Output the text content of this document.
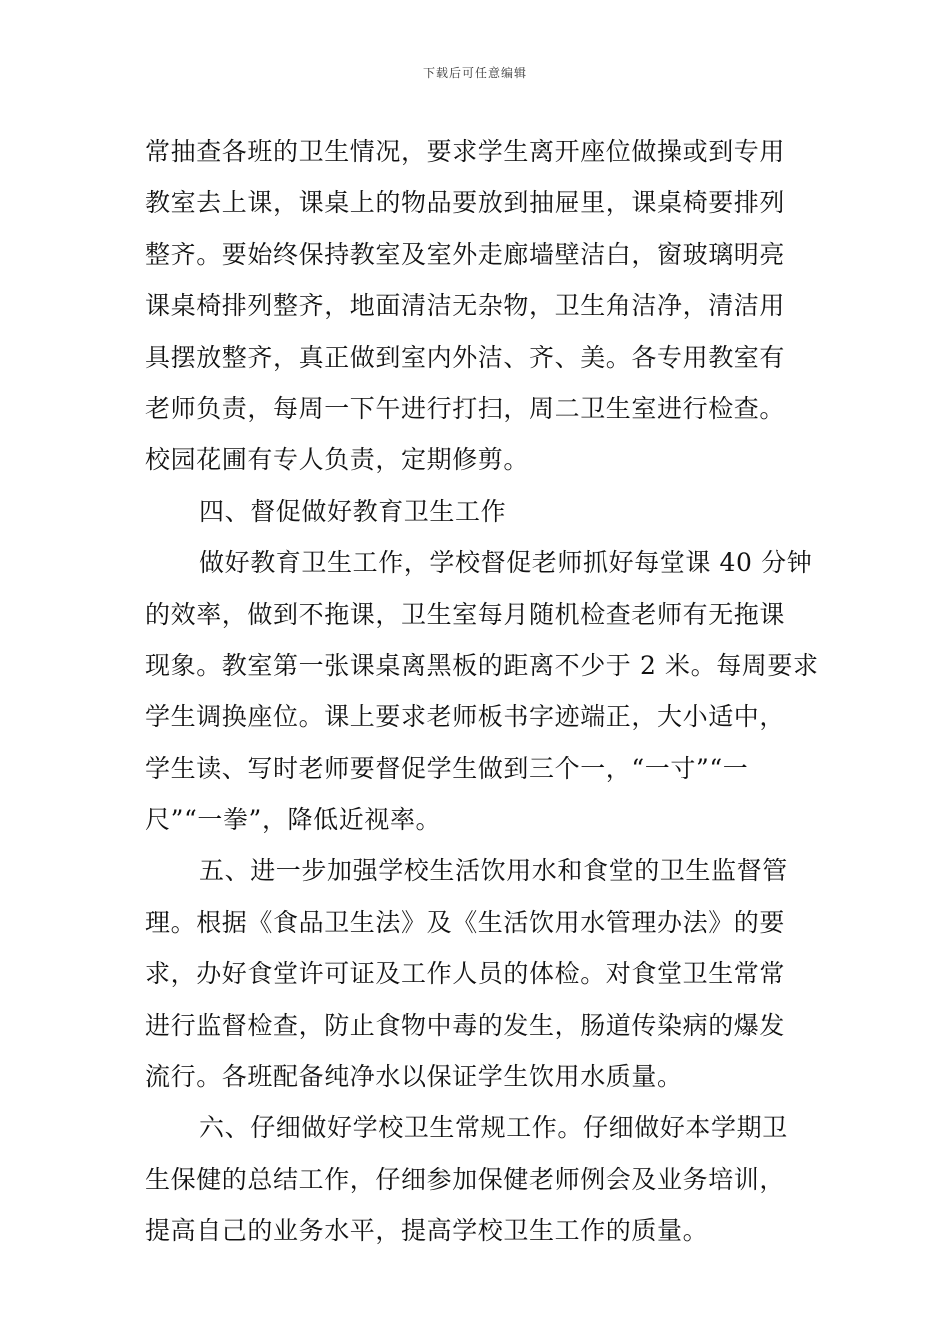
下载后可任意编辑
常抽查各班的卫生情况，要求学生离开座位做操或到专用
教室去上课，课桌上的物品要放到抽屉里，课桌椅要排列
整齐。要始终保持教室及室外走廊墙壁洁白，窗玻璃明亮
课桌椅排列整齐，地面清洁无杂物，卫生角洁净，清洁用
具摆放整齐，真正做到室内外洁、齐、美。各专用教室有
老师负责，每周一下午进行打扫，周二卫生室进行检查。
校园花圃有专人负责，定期修剪。
四、督促做好教育卫生工作
做好教育卫生工作，学校督促老师抓好每堂课 40 分钟
的效率，做到不拖课，卫生室每月随机检查老师有无拖课
现象。教室第一张课桌离黑板的距离不少于 2 米。每周要求
学生调换座位。课上要求老师板书字迹端正，大小适中，
学生读、写时老师要督促学生做到三个一，“一寸”“一
尺”“一拳”，降低近视率。
五、进一步加强学校生活饮用水和食堂的卫生监督管
理。根据《食品卫生法》及《生活饮用水管理办法》的要
求，办好食堂许可证及工作人员的体检。对食堂卫生常常
进行监督检查，防止食物中毒的发生，肠道传染病的爆发
流行。各班配备纯净水以保证学生饮用水质量。
六、仔细做好学校卫生常规工作。仔细做好本学期卫
生保健的总结工作，仔细参加保健老师例会及业务培训，
提高自己的业务水平，提高学校卫生工作的质量。
